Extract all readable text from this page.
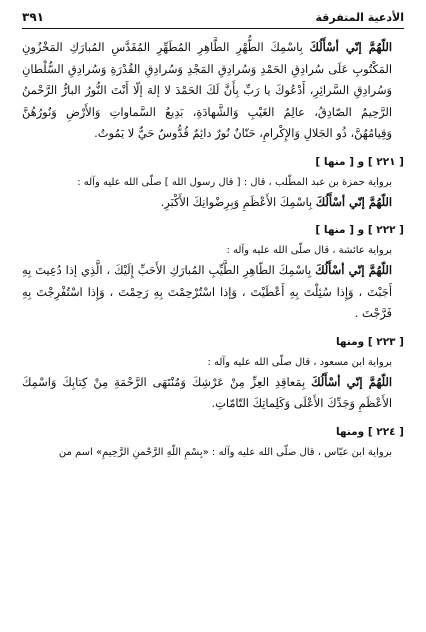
الأدعية المتفرقة
٣٩١

اللّهُمَّ إنّي أسْأَلُكَ بِاسْمِكَ الطُّهْرِ الطَّاهِرِ المُطَهِّرِ المُقَدَّسِ المُبارَكِ المَخْزُونِ المَكْتُوبِ عَلَى سُرادِقِ الحَمْدِ وَسُرادِقِ المَجْدِ وَسُرادِقِ القُدْرَةِ وَسُرادِقِ السُّلْطانِ وَسُرادِقِ السَّرائِرِ، أَدْعُوكَ يا رَبِّ بِأَنَّ لَكَ الحَمْدَ لا إلهَ إلّا أَنْتَ النُّورُ البارُّ الرَّحْمنُ الرَّحِيمُ الصّادِقُ، عالِمُ الغَيْبِ وَالشَّهادَةِ، بَدِيعُ السَّماواتِ وَالأَرْضِ وَنُورُهُنَّ وَقِيامُهُنَّ، ذُو الجَلالِ وَالإِكْرامِ، حَنّانٌ نُورٌ دائِمٌ قُدُّوسٌ حَيٌّ لا يَمُوتُ.

[ ٢٢١ ] و [ منها ]

برواية حمزة بن عبد المطّلب ، قال : [ قال رسول الله ] صلّى الله عليه وآله :

اللّهُمَّ إنّي أسْأَلُكَ بِاسْمِكَ الأَعْظَمِ وَبِرِضْوانِكَ الأَكْبَرِ.

[ ٢٢٢ ] و [ منها ]

برواية عائشة ، قال صلّى الله عليه وآله :

اللّهُمَّ إنّي أسْأَلُكَ بِاسْمِكَ الطّاهِرِ الطَّيِّبِ المُبارَكِ الأَحَبِّ إِلَيْكَ ، الَّذِي إذا دُعِيتَ بِهِ أَجَبْتَ ، وَإِذا سُئِلْتَ بِهِ أَعْطَيْتَ ، وَإذا اسْتُرْحِمْتَ بِهِ رَحِمْتَ ، وَإِذا اسْتُفْرِجْتَ بِهِ فَرَّجْتَ .

[ ٢٢٣ ] ومنها

برواية ابن مسعود ، قال صلّى الله عليه وآله :

اللّهُمَّ إنّي أسْأَلُكَ بِمَعاقِدِ العِزِّ مِنْ عَرْشِكَ وَمُنْتَهَى الرَّحْمَةِ مِنْ كِتابِكَ وَاسْمِكَ الأَعْظَمِ وَجَدِّكَ الأَعْلَى وَكَلِماتِكَ التّامّاتِ.

[ ٢٢٤ ] ومنها

برواية ابن عبّاس ، قال صلّى الله عليه وآله : «بِسْمِ اللّهِ الرَّحْمنِ الرَّحِيمِ» اسم من
